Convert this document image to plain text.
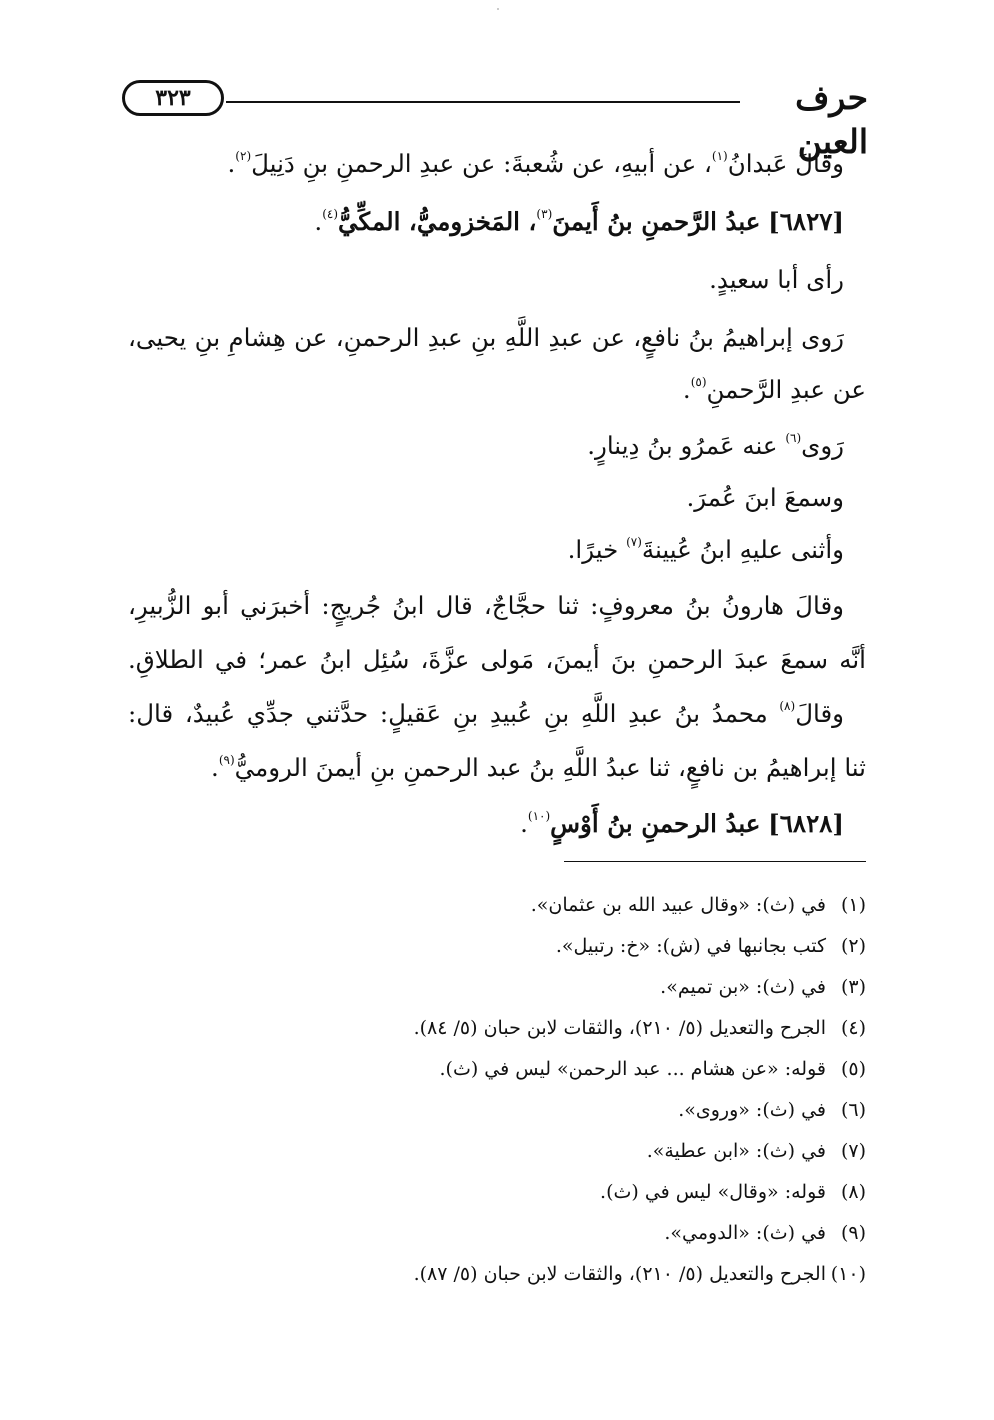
٣٢٣	حرف العين
وقالَ عَبدانُ$^{(١)}$، عن أبيهِ، عن شُعبةَ: عن عبدِ الرحمنِ بنِ دَنِيلَ$^{(٢)}$.
[٦٨٢٧] عبدُ الرَّحمنِ بنُ أَيمنَ$^{(٣)}$، المَخزوميُّ، المكِّيُّ$^{(٤)}$.
رأى أبا سعيدٍ.
رَوى إبراهيمُ بنُ نافعٍ، عن عبدِ اللَّهِ بنِ عبدِ الرحمنِ، عن هِشامِ بنِ يحيى،
عن عبدِ الرَّحمنِ$^{(٥)}$.
رَوى$^{(٦)}$ عنه عَمرُو بنُ دِينارٍ.
وسمعَ ابنَ عُمرَ.
وأثنى عليهِ ابنُ عُيينةَ$^{(٧)}$ خيرًا.
وقالَ هارونُ بنُ معروفٍ: ثنا حجَّاجٌ، قال ابنُ جُريجٍ: أخبرَني أبو الزُّبيرِ،
أنَّه سمعَ عبدَ الرحمنِ بنَ أيمنَ، مَولى عزَّةَ، سُئِل ابنُ عمر؛ في الطلاقِ.
وقالَ$^{(٨)}$ محمدُ بنُ عبدِ اللَّهِ بنِ عُبيدِ بنِ عَقيلٍ: حدَّثني جدِّي عُبيدٌ، قال:
ثنا إبراهيمُ بن نافعٍ، ثنا عبدُ اللَّهِ بنُ عبد الرحمنِ بنِ أيمنَ الروميُّ$^{(٩)}$.
[٦٨٢٨] عبدُ الرحمنِ بنُ أَوْسٍ$^{(١٠)}$.
(١)في (ث): «وقال عبيد الله بن عثمان».
(٢)كتب بجانبها في (ش): «خ: رتبيل».
(٣)في (ث): «بن تميم».
(٤)الجرح والتعديل (٥/ ٢١٠)، والثقات لابن حبان (٥/ ٨٤).
(٥)قوله: «عن هشام ... عبد الرحمن» ليس في (ث).
(٦)في (ث): «وروى».
(٧)في (ث): «ابن عطية».
(٨)قوله: «وقال» ليس في (ث).
(٩)في (ث): «الدومي».
(١٠)الجرح والتعديل (٥/ ٢١٠)، والثقات لابن حبان (٥/ ٨٧).
